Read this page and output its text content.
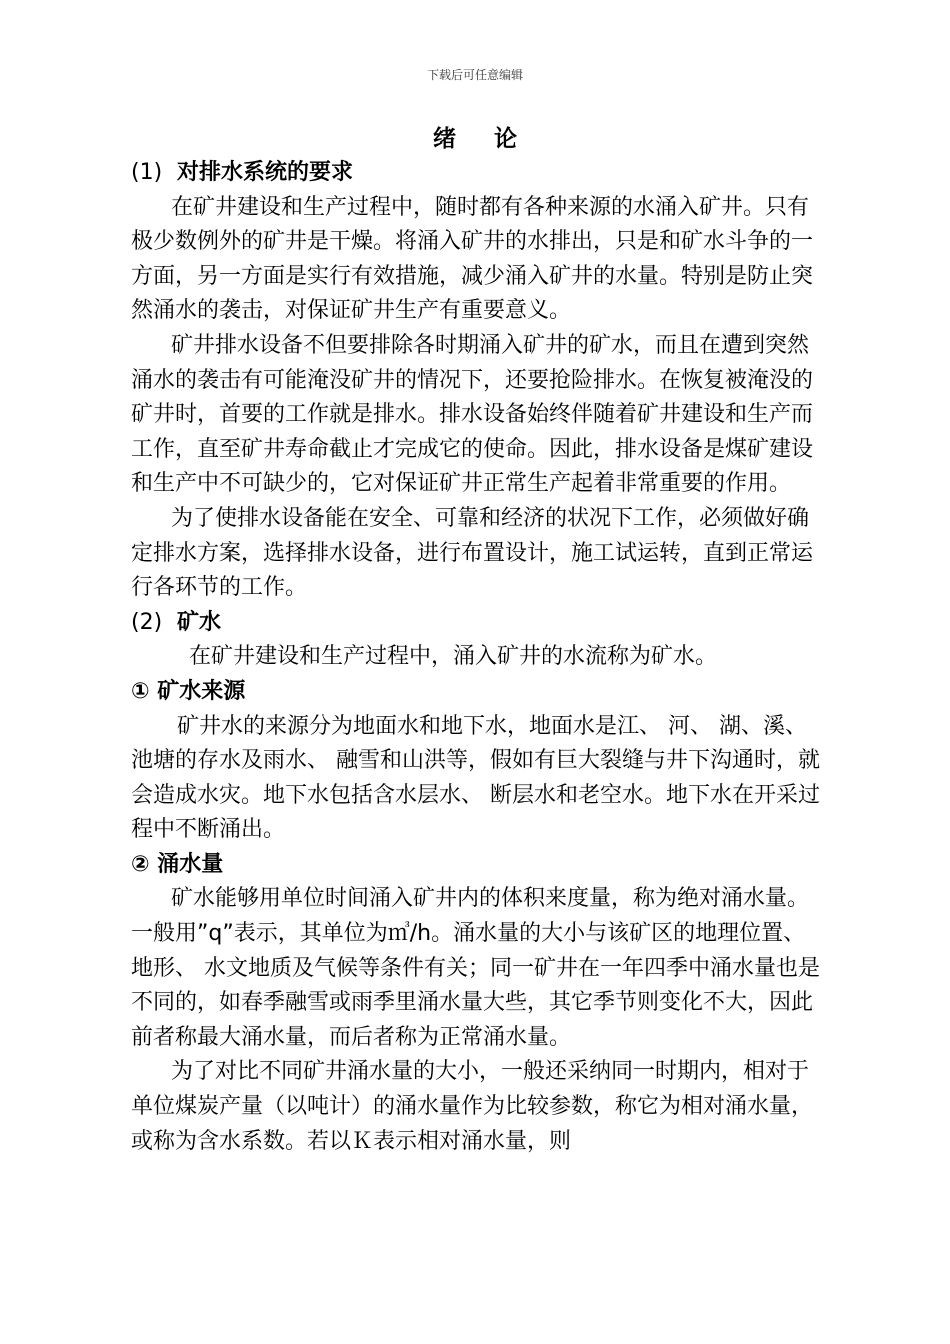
下载后可任意编辑
绪论

(1) 对排水系统的要求

在矿井建设和生产过程中，随时都有各种来源的水涌入矿井。只有极少数例外的矿井是干燥。将涌入矿井的水排出，只是和矿水斗争的一方面，另一方面是实行有效措施，减少涌入矿井的水量。特别是防止突然涌水的袭击，对保证矿井生产有重要意义。

矿井排水设备不但要排除各时期涌入矿井的矿水，而且在遭到突然涌水的袭击有可能淹没矿井的情况下，还要抢险排水。在恢复被淹没的矿井时，首要的工作就是排水。排水设备始终伴随着矿井建设和生产而工作，直至矿井寿命截止才完成它的使命。因此，排水设备是煤矿建设和生产中不可缺少的，它对保证矿井正常生产起着非常重要的作用。

为了使排水设备能在安全、可靠和经济的状况下工作，必须做好确定排水方案，选择排水设备，进行布置设计，施工试运转，直到正常运行各环节的工作。

(2) 矿水

在矿井建设和生产过程中，涌入矿井的水流称为矿水。

① 矿水来源

矿井水的来源分为地面水和地下水，地面水是江、 河、 湖、溪、 池塘的存水及雨水、 融雪和山洪等，假如有巨大裂缝与井下沟通时，就会造成水灾。地下水包括含水层水、 断层水和老空水。地下水在开采过程中不断涌出。

② 涌水量

矿水能够用单位时间涌入矿井内的体积来度量，称为绝对涌水量。一般用”q”表示，其单位为㎥/h。涌水量的大小与该矿区的地理位置、 地形、 水文地质及气候等条件有关；同一矿井在一年四季中涌水量也是不同的，如春季融雪或雨季里涌水量大些，其它季节则变化不大，因此前者称最大涌水量，而后者称为正常涌水量。

为了对比不同矿井涌水量的大小，一般还采纳同一时期内，相对于单位煤炭产量（以吨计）的涌水量作为比较参数，称它为相对涌水量，或称为含水系数。若以Ｋ表示相对涌水量，则
